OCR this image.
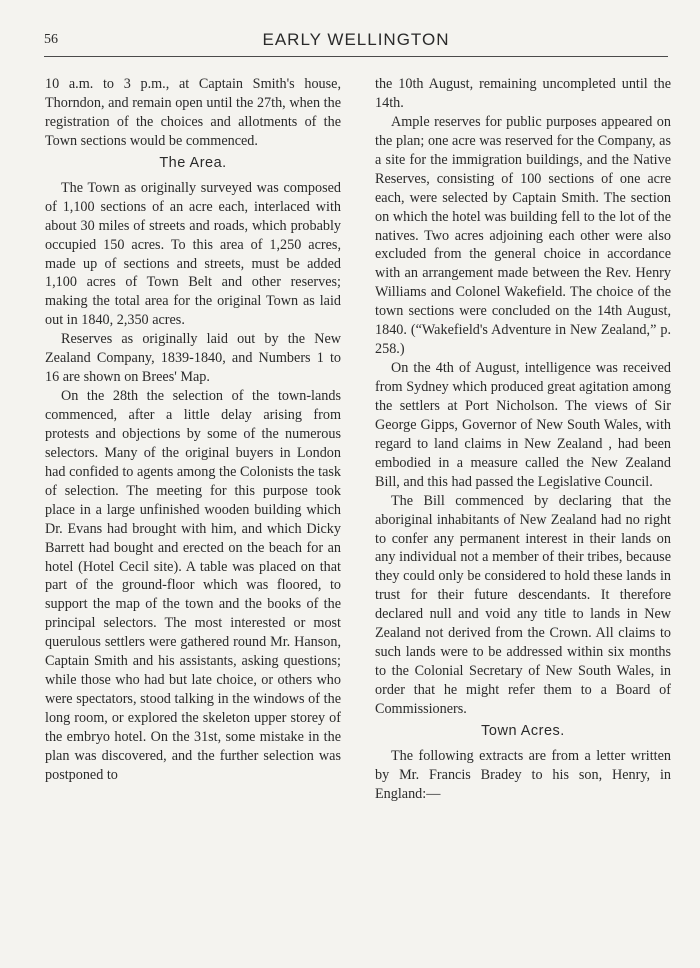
56	EARLY WELLINGTON

10 a.m. to 3 p.m., at Captain Smith's house, Thorndon, and remain open until the 27th, when the registration of the choices and allotments of the Town sections would be commenced.

The Area.

The Town as originally surveyed was composed of 1,100 sections of an acre each, interlaced with about 30 miles of streets and roads, which probably occupied 150 acres. To this area of 1,250 acres, made up of sections and streets, must be added 1,100 acres of Town Belt and other reserves; making the total area for the original Town as laid out in 1840, 2,350 acres.

Reserves as originally laid out by the New Zealand Company, 1839-1840, and Numbers 1 to 16 are shown on Brees' Map.

On the 28th the selection of the town-lands commenced, after a little delay arising from protests and objections by some of the numerous selectors. Many of the original buyers in London had confided to agents among the Colonists the task of selection. The meeting for this purpose took place in a large unfinished wooden building which Dr. Evans had brought with him, and which Dicky Barrett had bought and erected on the beach for an hotel (Hotel Cecil site). A table was placed on that part of the ground-floor which was floored, to support the map of the town and the books of the principal selectors. The most interested or most querulous settlers were gathered round Mr. Hanson, Captain Smith and his assistants, asking questions; while those who had but late choice, or others who were spectators, stood talking in the windows of the long room, or explored the skeleton upper storey of the embryo hotel. On the 31st, some mistake in the plan was discovered, and the further selection was postponed to

the 10th August, remaining uncompleted until the 14th.

Ample reserves for public purposes appeared on the plan; one acre was reserved for the Company, as a site for the immigration buildings, and the Native Reserves, consisting of 100 sections of one acre each, were selected by Captain Smith. The section on which the hotel was building fell to the lot of the natives. Two acres adjoining each other were also excluded from the general choice in accordance with an arrangement made between the Rev. Henry Williams and Colonel Wakefield. The choice of the town sections were concluded on the 14th August, 1840. (“Wakefield's Adventure in New Zealand,” p. 258.)

On the 4th of August, intelligence was received from Sydney which produced great agitation among the settlers at Port Nicholson. The views of Sir George Gipps, Governor of New South Wales, with regard to land claims in New Zealand , had been embodied in a measure called the New Zealand Bill, and this had passed the Legislative Council.

The Bill commenced by declaring that the aboriginal inhabitants of New Zealand had no right to confer any permanent interest in their lands on any individual not a member of their tribes, because they could only be considered to hold these lands in trust for their future descendants. It therefore declared null and void any title to lands in New Zealand not derived from the Crown. All claims to such lands were to be addressed within six months to the Colonial Secretary of New South Wales, in order that he might refer them to a Board of Commissioners.

Town Acres.

The following extracts are from a letter written by Mr. Francis Bradey to his son, Henry, in England:—
